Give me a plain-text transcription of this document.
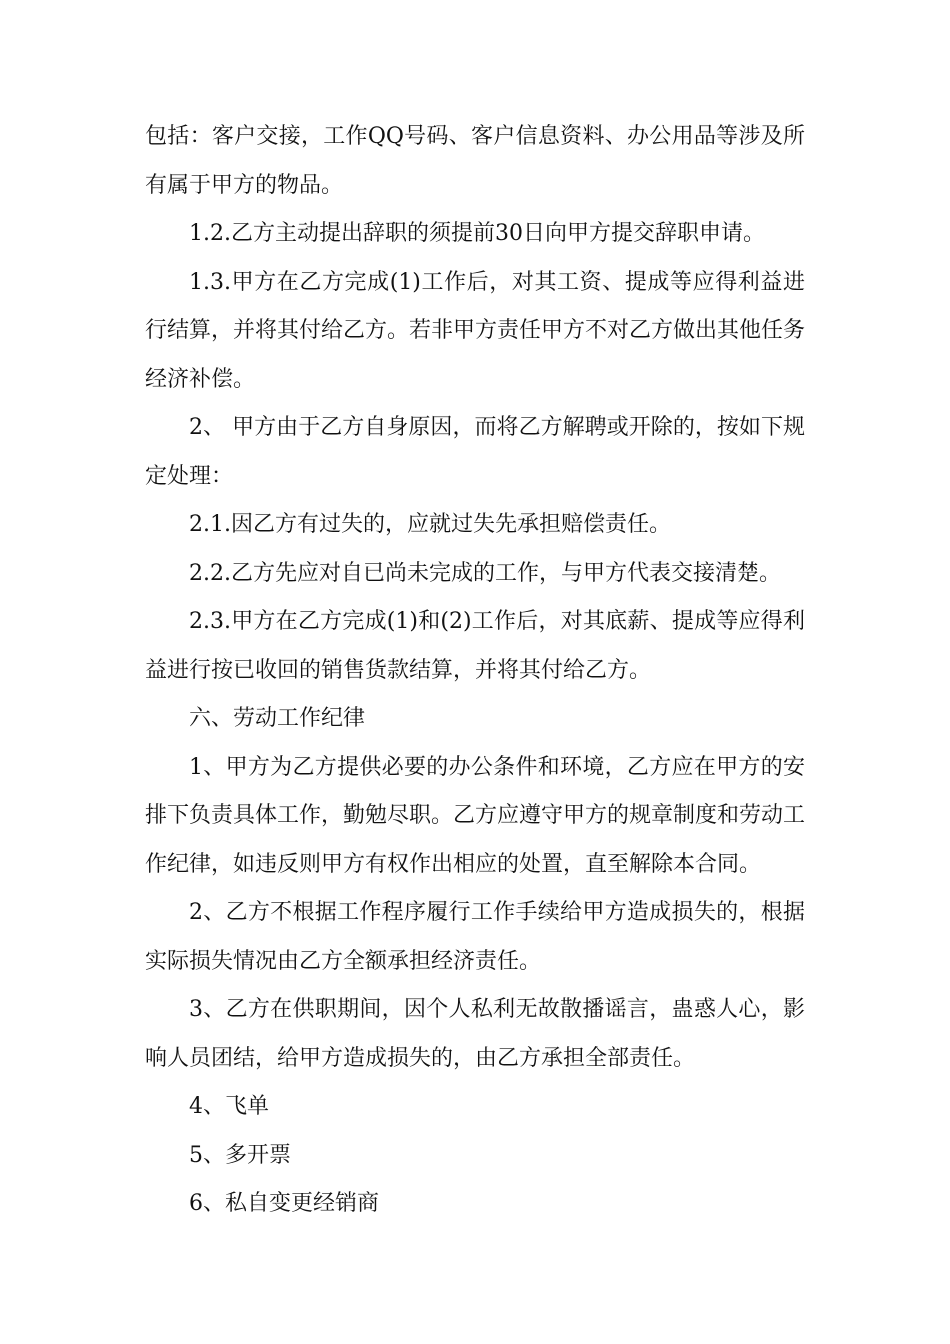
包括：客户交接，工作QQ号码、客户信息资料、办公用品等涉及所有属于甲方的物品。

1.2.乙方主动提出辞职的须提前30日向甲方提交辞职申请。

1.3.甲方在乙方完成(1)工作后，对其工资、提成等应得利益进行结算，并将其付给乙方。若非甲方责任甲方不对乙方做出其他任务经济补偿。

2、 甲方由于乙方自身原因，而将乙方解聘或开除的，按如下规定处理：

2.1.因乙方有过失的，应就过失先承担赔偿责任。

2.2.乙方先应对自已尚未完成的工作，与甲方代表交接清楚。

2.3.甲方在乙方完成(1)和(2)工作后，对其底薪、提成等应得利益进行按已收回的销售货款结算，并将其付给乙方。

六、劳动工作纪律

1、甲方为乙方提供必要的办公条件和环境，乙方应在甲方的安排下负责具体工作，勤勉尽职。乙方应遵守甲方的规章制度和劳动工作纪律，如违反则甲方有权作出相应的处置，直至解除本合同。

2、乙方不根据工作程序履行工作手续给甲方造成损失的，根据实际损失情况由乙方全额承担经济责任。

3、乙方在供职期间，因个人私利无故散播谣言，蛊惑人心，影响人员团结，给甲方造成损失的，由乙方承担全部责任。

4、飞单

5、多开票

6、私自变更经销商
